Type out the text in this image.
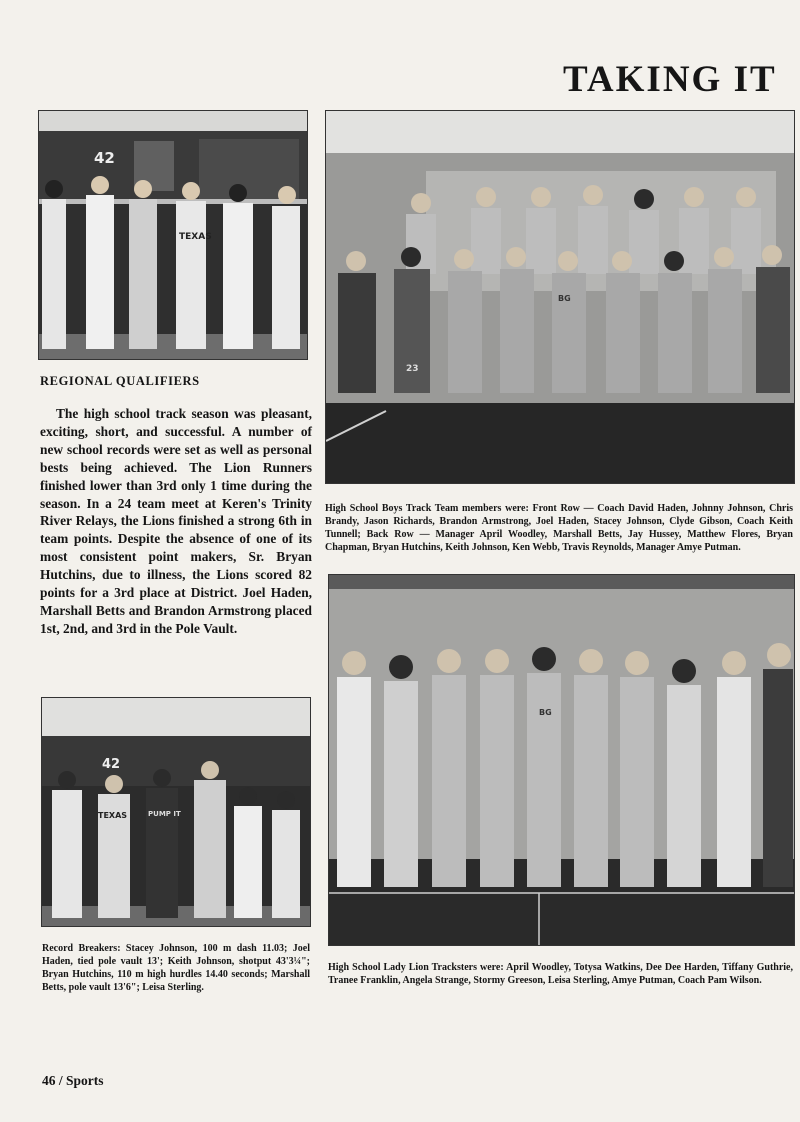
TAKING IT
42
TEXAS
BG
23
REGIONAL QUALIFIERS
The high school track season was pleasant, exciting, short, and successful. A number of new school records were set as well as personal bests being achieved. The Lion Runners finished lower than 3rd only 1 time during the season. In a 24 team meet at Keren's Trinity River Relays, the Lions finished a strong 6th in team points. Despite the absence of one of its most consistent point makers, Sr. Bryan Hutchins, due to illness, the Lions scored 82 points for a 3rd place at District. Joel Haden, Marshall Betts and Brandon Armstrong placed 1st, 2nd, and 3rd in the Pole Vault.
High School Boys Track Team members were: Front Row — Coach David Haden, Johnny Johnson, Chris Brandy, Jason Richards, Brandon Armstrong, Joel Haden, Stacey Johnson, Clyde Gibson, Coach Keith Tunnell; Back Row — Manager April Woodley, Marshall Betts, Jay Hussey, Matthew Flores, Bryan Chapman, Bryan Hutchins, Keith Johnson, Ken Webb, Travis Reynolds, Manager Amye Putman.
42
TEXAS	PUMP IT
Record Breakers: Stacey Johnson, 100 m dash 11.03; Joel Haden, tied pole vault 13'; Keith Johnson, shotput 43'3¼"; Bryan Hutchins, 110 m high hurdles 14.40 seconds; Marshall Betts, pole vault 13'6"; Leisa Sterling.
BG
High School Lady Lion Tracksters were: April Woodley, Totysa Watkins, Dee Dee Harden, Tiffany Guthrie, Tranee Franklin, Angela Strange, Stormy Greeson, Leisa Sterling, Amye Putman, Coach Pam Wilson.
46 / Sports
